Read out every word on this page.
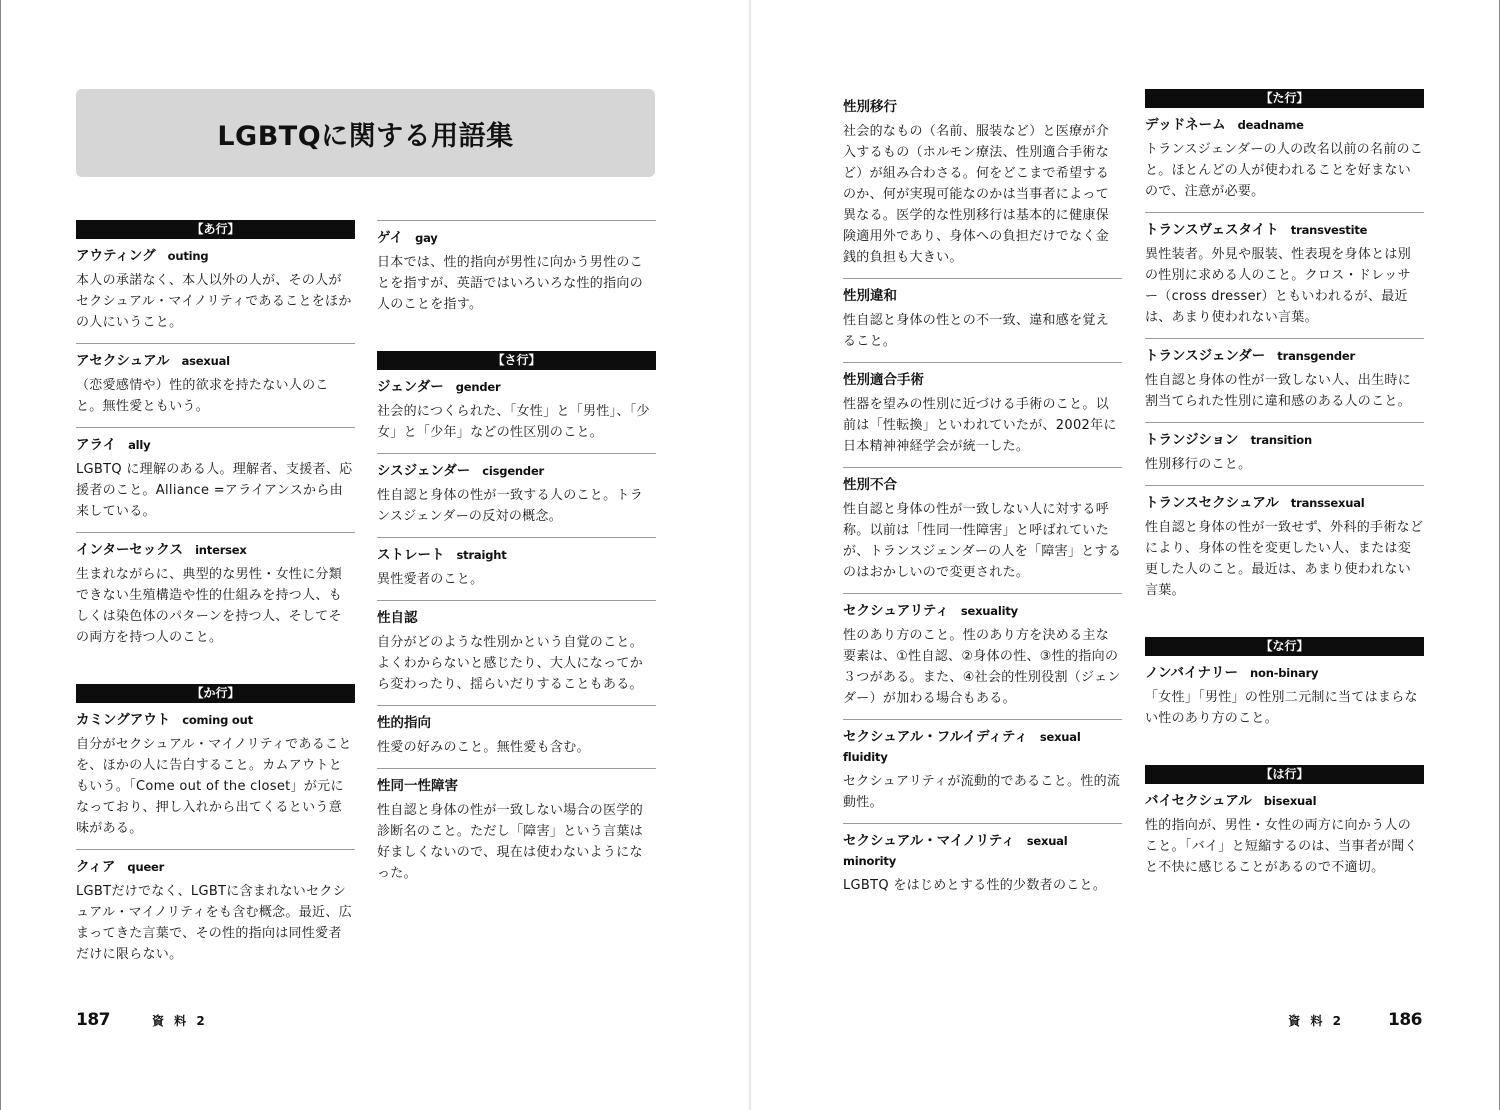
LGBTQに関する用語集
【あ行】
アウティング outing
本人の承諾なく、本人以外の人が、その人がセクシュアル・マイノリティであることをほかの人にいうこと。
アセクシュアル asexual
（恋愛感情や）性的欲求を持たない人のこと。無性愛ともいう。
アライ ally
LGBTQ に理解のある人。理解者、支援者、応援者のこと。Alliance =アライアンスから由来している。
インターセックス intersex
生まれながらに、典型的な男性・女性に分類できない生殖構造や性的仕組みを持つ人、もしくは染色体のパターンを持つ人、そしてその両方を持つ人のこと。
【か行】
カミングアウト coming out
自分がセクシュアル・マイノリティであることを、ほかの人に告白すること。カムアウトともいう。「Come out of the closet」が元になっており、押し入れから出てくるという意味がある。
クィア queer
LGBTだけでなく、LGBTに含まれないセクシュアル・マイノリティをも含む概念。最近、広まってきた言葉で、その性的指向は同性愛者だけに限らない。
ゲイ gay
日本では、性的指向が男性に向かう男性のことを指すが、英語ではいろいろな性的指向の人のことを指す。
【さ行】
ジェンダー gender
社会的につくられた、「女性」と「男性」、「少女」と「少年」などの性区別のこと。
シスジェンダー cisgender
性自認と身体の性が一致する人のこと。トランスジェンダーの反対の概念。
ストレート straight
異性愛者のこと。
性自認
自分がどのような性別かという自覚のこと。よくわからないと感じたり、大人になってから変わったり、揺らいだりすることもある。
性的指向
性愛の好みのこと。無性愛も含む。
性同一性障害
性自認と身体の性が一致しない場合の医学的診断名のこと。ただし「障害」という言葉は好ましくないので、現在は使わないようになった。
性別移行
社会的なもの（名前、服装など）と医療が介入するもの（ホルモン療法、性別適合手術など）が組み合わさる。何をどこまで希望するのか、何が実現可能なのかは当事者によって異なる。医学的な性別移行は基本的に健康保険適用外であり、身体への負担だけでなく金銭的負担も大きい。
性別違和
性自認と身体の性との不一致、違和感を覚えること。
性別適合手術
性器を望みの性別に近づける手術のこと。以前は「性転換」といわれていたが、2002年に日本精神神経学会が統一した。
性別不合
性自認と身体の性が一致しない人に対する呼称。以前は「性同一性障害」と呼ばれていたが、トランスジェンダーの人を「障害」とするのはおかしいので変更された。
セクシュアリティ sexuality
性のあり方のこと。性のあり方を決める主な要素は、①性自認、②身体の性、③性的指向の３つがある。また、④社会的性別役割（ジェンダー）が加わる場合もある。
セクシュアル・フルイディティ sexual fluidity
セクシュアリティが流動的であること。性的流動性。
セクシュアル・マイノリティ sexual minority
LGBTQ をはじめとする性的少数者のこと。
【た行】
デッドネーム deadname
トランスジェンダーの人の改名以前の名前のこと。ほとんどの人が使われることを好まないので、注意が必要。
トランスヴェスタイト transvestite
異性装者。外見や服装、性表現を身体とは別の性別に求める人のこと。クロス・ドレッサー（cross dresser）ともいわれるが、最近は、あまり使われない言葉。
トランスジェンダー transgender
性自認と身体の性が一致しない人、出生時に割当てられた性別に違和感のある人のこと。
トランジション transition
性別移行のこと。
トランスセクシュアル transsexual
性自認と身体の性が一致せず、外科的手術などにより、身体の性を変更したい人、または変更した人のこと。最近は、あまり使われない言葉。
【な行】
ノンバイナリー non-binary
「女性」「男性」の性別二元制に当てはまらない性のあり方のこと。
【は行】
バイセクシュアル bisexual
性的指向が、男性・女性の両方に向かう人のこと。「バイ」と短縮するのは、当事者が聞くと不快に感じることがあるので不適切。
187	資 料 2	資 料 2	186
